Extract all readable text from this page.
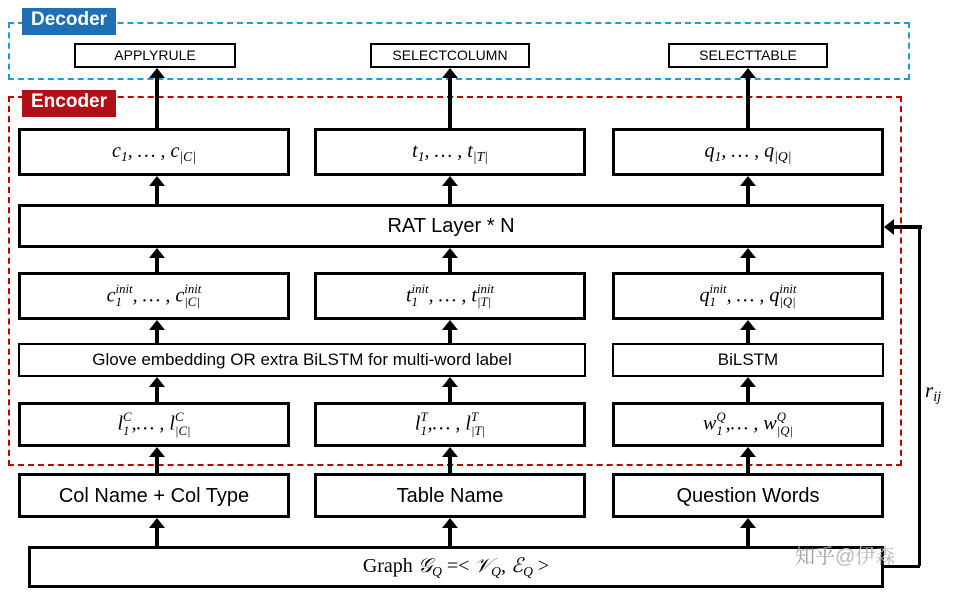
Decoder
APPLYRULE	SELECTCOLUMN	SELECTTABLE
Encoder
$c_1$, … , $c_{|C|}$	$t_1$, … , $t_{|T|}$	$q_1$, … , $q_{|Q|}$
RAT Layer * N
c init
1 , … , c init
|C|	t init
1 , … , t init
|T|	q init
1 , … , q init
|Q|
Glove embedding OR extra BiLSTM for multi-word label	BiLSTM
l C
1 ,… , l C
|C|	l T
1 ,… , l T
|T|	w Q
1 ,… , w Q
|Q|
Col Name + Col Type	Table Name	Question Words
Graph 𝒢$_Q$ =< 𝒱$_Q$, ℰ$_Q$ >
$r_{ij}$
知乎@伊森
